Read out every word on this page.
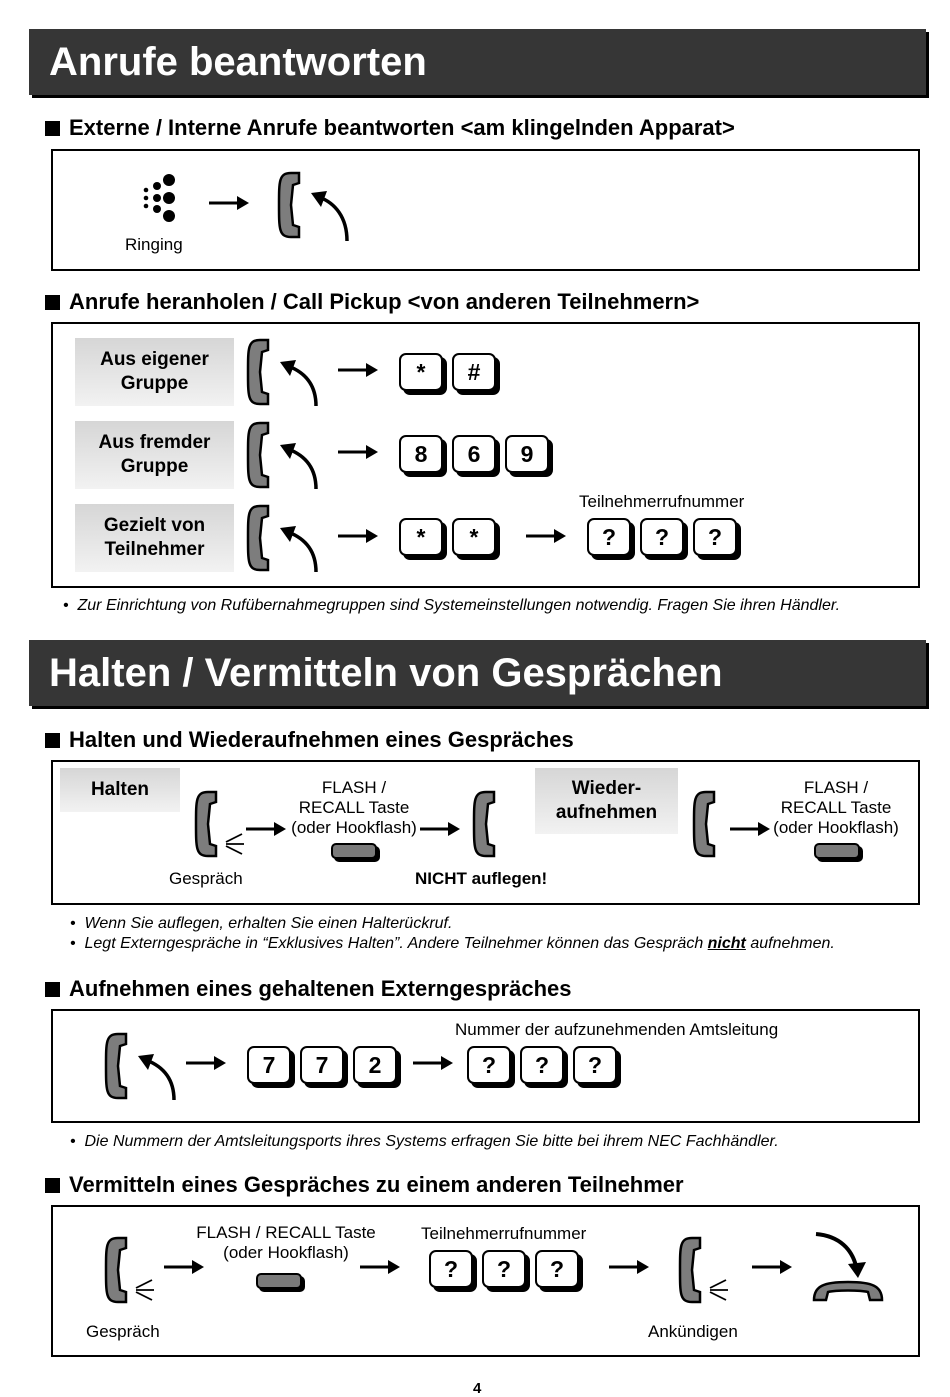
Anrufe beantworten
Externe / Interne Anrufe beantworten <am klingelnden Apparat>
Ringing
Anrufe heranholen / Call Pickup <von anderen Teilnehmern>
Aus eigener
Gruppe	*	#
Aus fremder
Gruppe	8	6	9
Gezielt von
Teilnehmer	*	*
Teilnehmerrufnummer
?	?	?
•  Zur Einrichtung von Rufübernahmegruppen sind Systemeinstellungen notwendig. Fragen Sie ihren Händler.
Halten / Vermitteln von Gesprächen
Halten und Wiederaufnehmen eines Gespräches
Halten
Gespräch
FLASH /
RECALL Taste
(oder Hookflash)
NICHT auflegen!
Wieder-
aufnehmen
FLASH /
RECALL Taste
(oder Hookflash)
•  Wenn Sie auflegen, erhalten Sie einen Halterückruf.
•  Legt Externgespräche in “Exklusives Halten”. Andere Teilnehmer können das Gespräch nicht aufnehmen.
Aufnehmen eines gehaltenen Externgespräches
7	7	2
Nummer der aufzunehmenden Amtsleitung
?	?	?
•  Die Nummern der Amtsleitungsports ihres Systems erfragen Sie bitte bei ihrem NEC Fachhändler.
Vermitteln eines Gespräches zu einem anderen Teilnehmer
Gespräch
FLASH / RECALL Taste
(oder Hookflash)
Teilnehmerrufnummer
?	?	?
Ankündigen
4
